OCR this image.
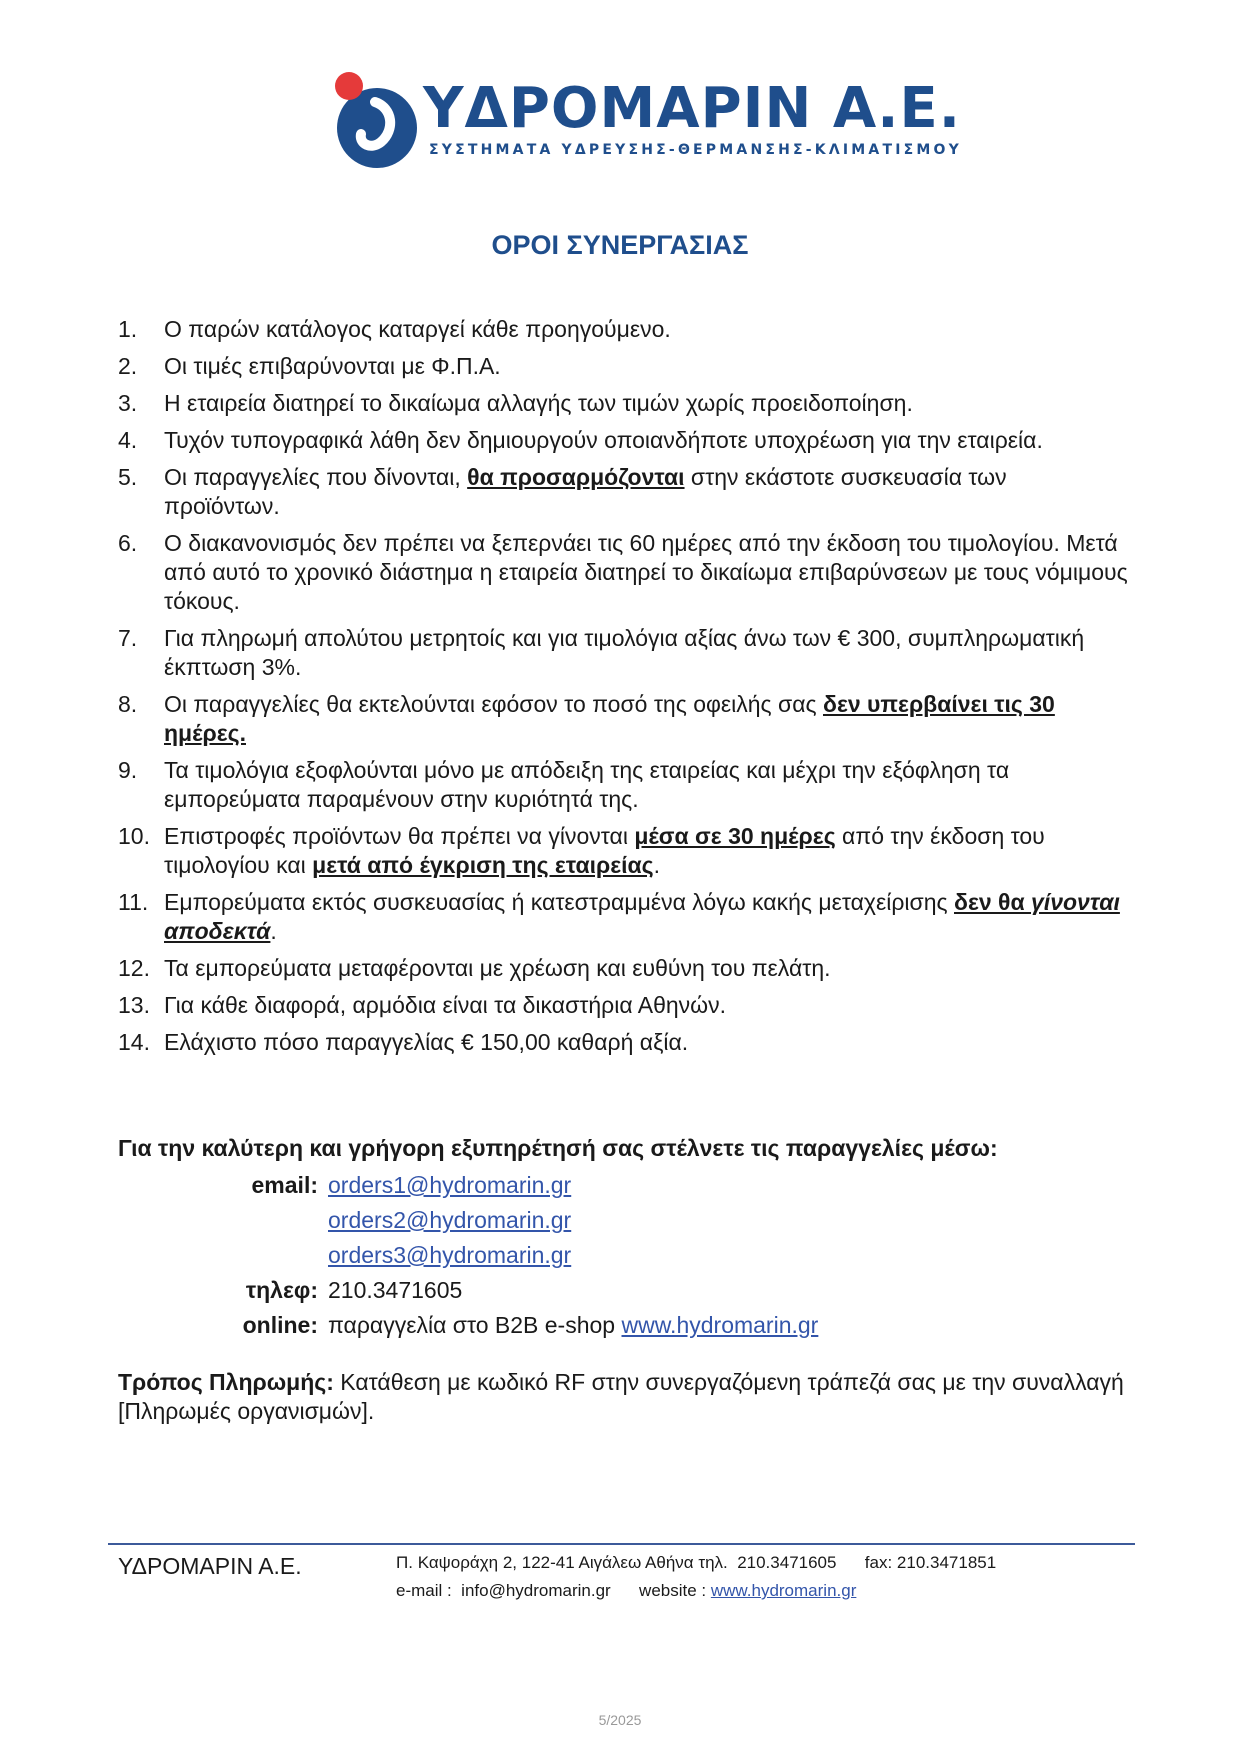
ΥΔΡΟΜΑΡΙΝ Α.Ε.
ΣΥΣΤΗΜΑΤΑ ΥΔΡΕΥΣΗΣ-ΘΕΡΜΑΝΣΗΣ-ΚΛΙΜΑΤΙΣΜΟΥ
ΟΡΟΙ ΣΥΝΕΡΓΑΣΙΑΣ
1. Ο παρών κατάλογος καταργεί κάθε προηγούμενο.
2. Οι τιμές επιβαρύνονται με Φ.Π.Α.
3. Η εταιρεία διατηρεί το δικαίωμα αλλαγής των τιμών χωρίς προειδοποίηση.
4. Τυχόν τυπογραφικά λάθη δεν δημιουργούν οποιανδήποτε υποχρέωση για την εταιρεία.
5. Οι παραγγελίες που δίνονται, θα προσαρμόζονται στην εκάστοτε συσκευασία των προϊόντων.
6. Ο διακανονισμός δεν πρέπει να ξεπερνάει τις 60 ημέρες από την έκδοση του τιμολογίου. Μετά από αυτό το χρονικό διάστημα η εταιρεία διατηρεί το δικαίωμα επιβαρύνσεων με τους νόμιμους τόκους.
7. Για πληρωμή απολύτου μετρητοίς και για τιμολόγια αξίας άνω των € 300, συμπληρωματική έκπτωση 3%.
8. Οι παραγγελίες θα εκτελούνται εφόσον το ποσό της οφειλής σας δεν υπερβαίνει τις 30 ημέρες.
9. Τα τιμολόγια εξοφλούνται μόνο με απόδειξη της εταιρείας και μέχρι την εξόφληση τα εμπορεύματα παραμένουν στην κυριότητά της.
10. Επιστροφές προϊόντων θα πρέπει να γίνονται μέσα σε 30 ημέρες από την έκδοση του τιμολογίου και μετά από έγκριση της εταιρείας.
11. Εμπορεύματα εκτός συσκευασίας ή κατεστραμμένα λόγω κακής μεταχείρισης δεν θα γίνονται αποδεκτά.
12. Τα εμπορεύματα μεταφέρονται με χρέωση και ευθύνη του πελάτη.
13. Για κάθε διαφορά, αρμόδια είναι τα δικαστήρια Αθηνών.
14. Ελάχιστο πόσο παραγγελίας € 150,00 καθαρή αξία.
Για την καλύτερη και γρήγορη εξυπηρέτησή σας στέλνετε τις παραγγελίες μέσω:
email: orders1@hydromarin.gr
orders2@hydromarin.gr
orders3@hydromarin.gr
τηλεφ: 210.3471605
online: παραγγελία στο B2B e-shop www.hydromarin.gr
Τρόπος Πληρωμής: Κατάθεση με κωδικό RF στην συνεργαζόμενη τράπεζά σας με την συναλλαγή [Πληρωμές οργανισμών].
ΥΔΡΟΜΑΡΙΝ Α.Ε.	Π. Καψοράχη 2, 122-41 Αιγάλεω Αθήνα τηλ.  210.3471605      fax: 210.3471851
e-mail :  info@hydromarin.gr      website : www.hydromarin.gr
5/2025
